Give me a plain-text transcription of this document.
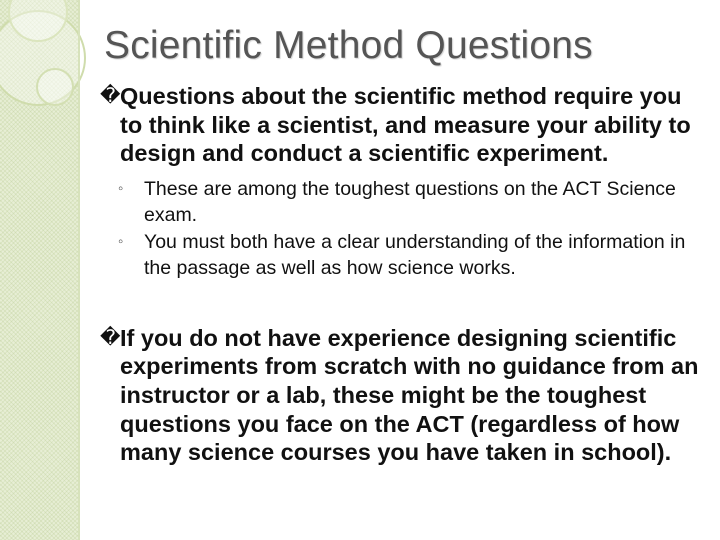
Scientific Method Questions

� Questions about the scientific method require you to think like a scientist, and measure your ability to design and conduct a scientific experiment.

◦ These are among the toughest questions on the ACT Science exam.
◦ You must both have a clear understanding of the information in the passage as well as how science works.

� If you do not have experience designing scientific experiments from scratch with no guidance from an instructor or a lab, these might be the toughest questions you face on the ACT (regardless of how many science courses you have taken in school).
